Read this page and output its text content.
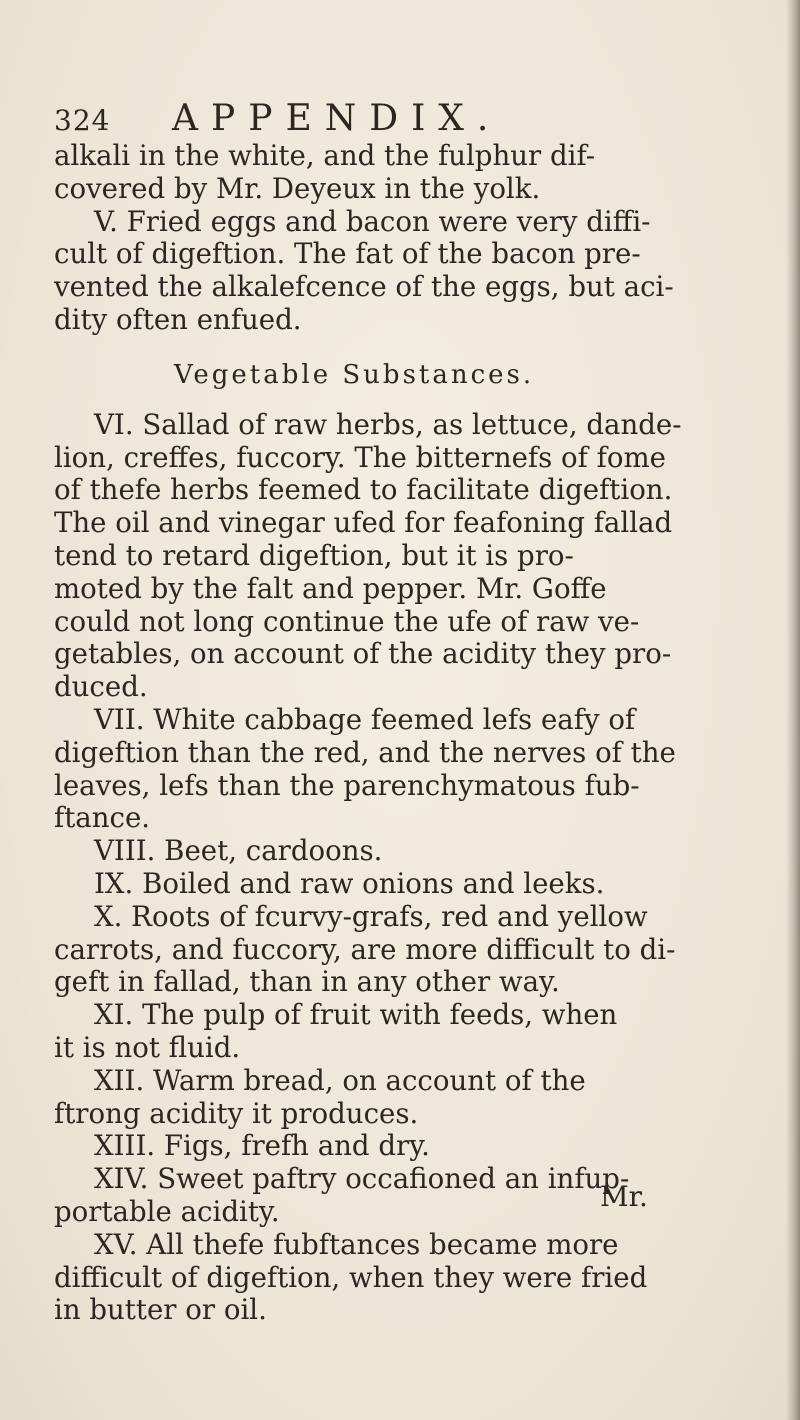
324 APPENDIX.
alkali in the white, and the fulphur dif-
covered by Mr. Deyeux in the yolk.
V. Fried eggs and bacon were very diffi-
cult of digeftion. The fat of the bacon pre-
vented the alkalefcence of the eggs, but aci-
dity often enfued.
Vegetable Substances.
VI. Sallad of raw herbs, as lettuce, dande-
lion, creffes, fuccory. The bitternefs of fome
of thefe herbs feemed to facilitate digeftion.
The oil and vinegar ufed for feafoning fallad
tend to retard digeftion, but it is pro-
moted by the falt and pepper. Mr. Goffe
could not long continue the ufe of raw ve-
getables, on account of the acidity they pro-
duced.
VII. White cabbage feemed lefs eafy of
digeftion than the red, and the nerves of the
leaves, lefs than the parenchymatous fub-
ftance.
VIII. Beet, cardoons.
IX. Boiled and raw onions and leeks.
X. Roots of fcurvy-grafs, red and yellow
carrots, and fuccory, are more difficult to di-
geft in fallad, than in any other way.
XI. The pulp of fruit with feeds, when
it is not fluid.
XII. Warm bread, on account of the
ftrong acidity it produces.
XIII. Figs, frefh and dry.
XIV. Sweet paftry occafioned an infup-
portable acidity.
XV. All thefe fubftances became more
difficult of digeftion, when they were fried
in butter or oil.
Mr.
